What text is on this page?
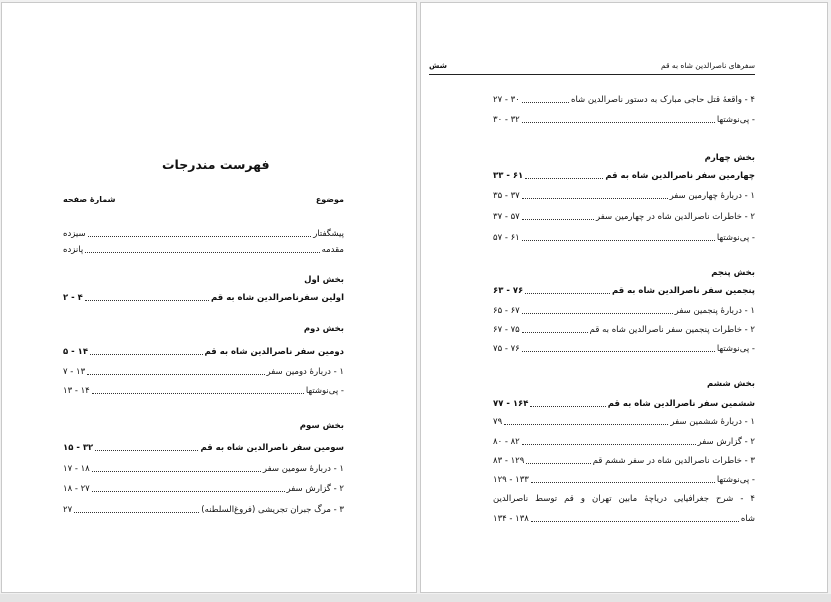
فهرست مندرجات
موضوع
شمارهٔ صفحه
پیشگفتار
سیزده
مقدمه
پانزده
بخش اول
اولین سفرناصرالدین شاه به قم
۲ - ۴
بخش دوم
دومین سفر ناصرالدین شاه به قم
۵ - ۱۴
۱ - دربارهٔ دومین سفر
۷ - ۱۳
- پی‌نوشتها
۱۳ - ۱۴
بخش سوم
سومین سفر ناصرالدین شاه به قم
۱۵ - ۳۲
۱ - دربارهٔ سومین سفر
۱۷ - ۱۸
۲ - گزارش سفر
۱۸ - ۲۷
۳ - مرگ جبران تجریشی (فروغ‌السلطنه)
۲۷
سفرهای ناصرالدین شاه به قم
شش
۴ - واقعهٔ قتل حاجی مبارک به دستور ناصرالدین شاه
۲۷ - ۳۰
- پی‌نوشتها
۳۰ - ۳۲
بخش چهارم
چهارمین سفر ناصرالدین شاه به قم
۳۳ - ۶۱
۱ - دربارهٔ چهارمین سفر
۳۵ - ۳۷
۲ - خاطرات ناصرالدین شاه در چهارمین سفر
۳۷ - ۵۷
- پی‌نوشتها
۵۷ - ۶۱
بخش پنجم
پنجمین سفر ناصرالدین شاه به قم
۶۳ - ۷۶
۱ - دربارهٔ پنجمین سفر
۶۵ - ۶۷
۲ - خاطرات پنجمین سفر ناصرالدین شاه به قم
۶۷ - ۷۵
- پی‌نوشتها
۷۵ - ۷۶
بخش ششم
ششمین سفر ناصرالدین شاه به قم
۷۷ - ۱۶۴
۱ - دربارهٔ ششمین سفر
۷۹
۲ - گزارش سفر
۸۰ - ۸۲
۳ - خاطرات ناصرالدین شاه در سفر ششم قم
۸۳ - ۱۲۹
- پی‌نوشتها
۱۲۹ - ۱۳۳
۴ - شرح جغرافیایی دریاچهٔ مابین تهران و قم توسط ناصرالدین
شاه
۱۳۴ - ۱۳۸
